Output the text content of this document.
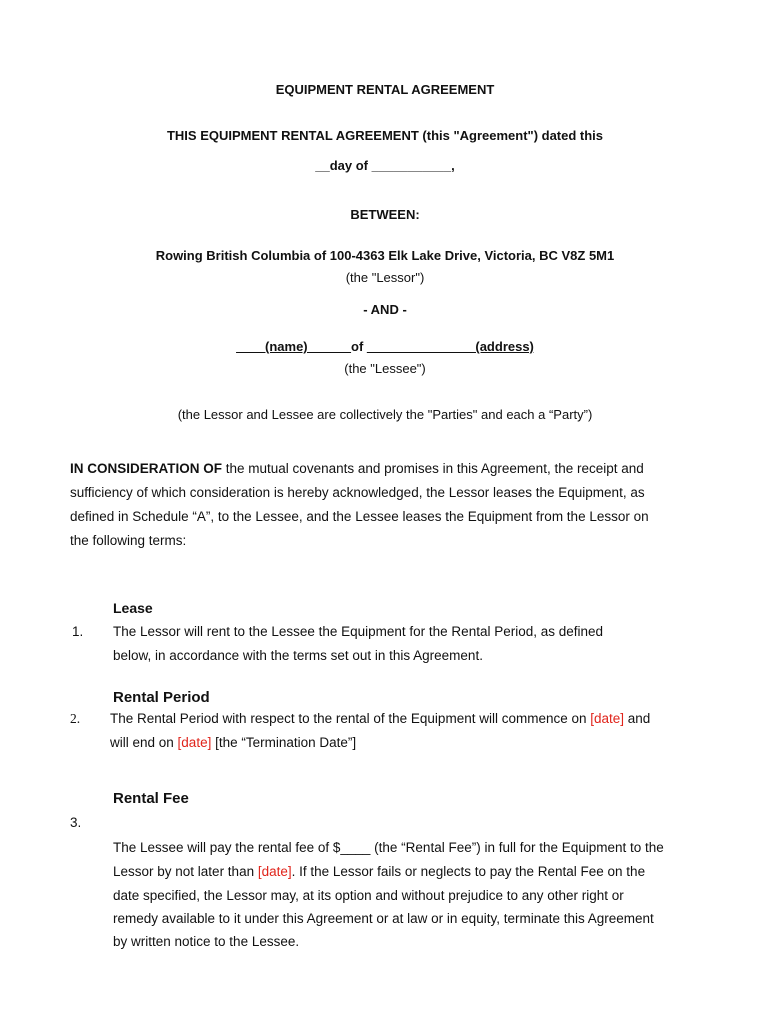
EQUIPMENT RENTAL AGREEMENT
THIS EQUIPMENT RENTAL AGREEMENT (this "Agreement") dated this
__day of ___________,
BETWEEN:
Rowing British Columbia of 100-4363 Elk Lake Drive, Victoria, BC V8Z 5M1
(the "Lessor")
- AND -
____(name)______of _______________(address)
(the "Lessee")
(the Lessor and Lessee are collectively the "Parties" and each a “Party”)
IN CONSIDERATION OF the mutual covenants and promises in this Agreement, the receipt and
sufficiency of which consideration is hereby acknowledged, the Lessor leases the Equipment, as
defined in Schedule “A”, to the Lessee, and the Lessee leases the Equipment from the Lessor on
the following terms:
Lease
1. The Lessor will rent to the Lessee the Equipment for the Rental Period, as defined
below, in accordance with the terms set out in this Agreement.
Rental Period
2. The Rental Period with respect to the rental of the Equipment will commence on [date] and
will end on [date] [the “Termination Date”]
Rental Fee
3.
The Lessee will pay the rental fee of $____ (the “Rental Fee”) in full for the Equipment to the
Lessor by not later than [date]. If the Lessor fails or neglects to pay the Rental Fee on the
date specified, the Lessor may, at its option and without prejudice to any other right or
remedy available to it under this Agreement or at law or in equity, terminate this Agreement
by written notice to the Lessee.
